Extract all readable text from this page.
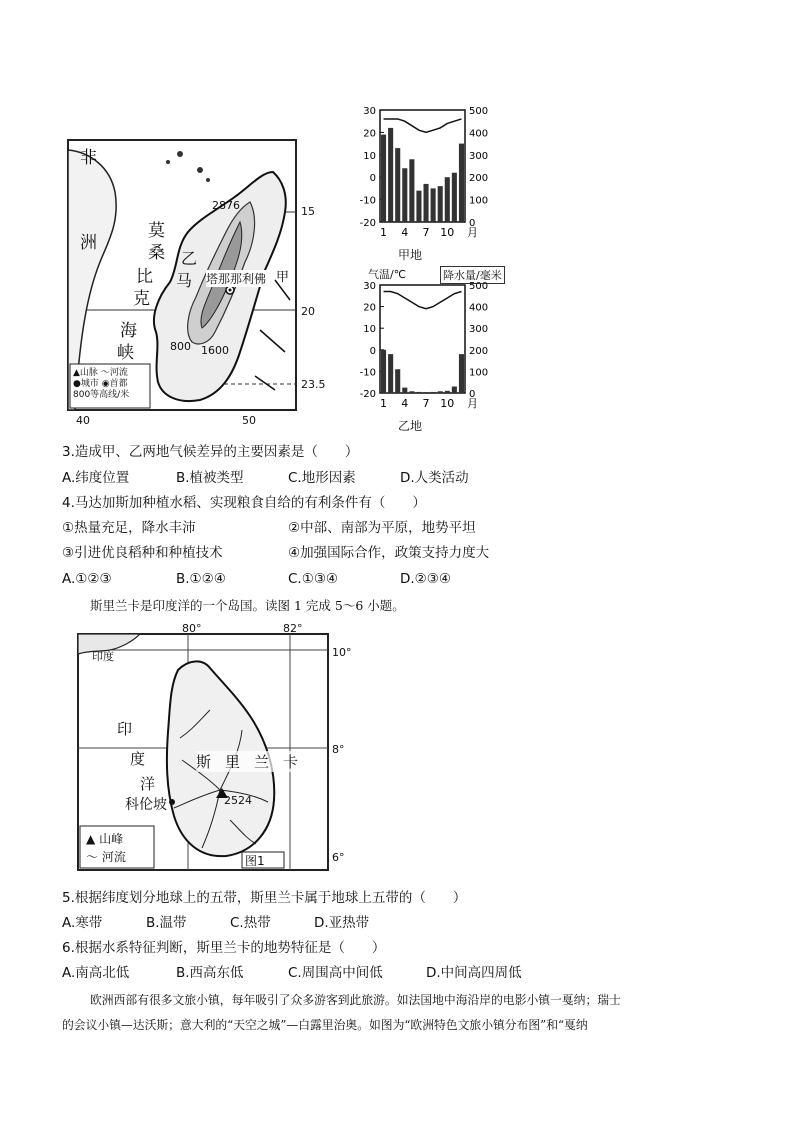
非
洲
莫
桑
比
克
海
峡
乙
马 塔那那利佛 甲
2876
800 1600
15
20
23.5
40	50
▲山脉 〜河流
●城市 ◉首都
800等高线/米
30
20
10
0
-10
-20
500
400
300
200
100
0
1 4 7 10 月
30
20
10
0
-10
-20
500
400
300
200
100
0
1 4 7 10 月
甲地
乙地
气温/℃	降水量/毫米
3.造成甲、乙两地气候差异的主要因素是（　　）
A.纬度位置	B.植被类型	C.地形因素	D.人类活动
4.马达加斯加种植水稻、实现粮食自给的有利条件有（　　）
①热量充足，降水丰沛	②中部、南部为平原，地势平坦
③引进优良稻种和种植技术	④加强国际合作，政策支持力度大
A.①②③	B.①②④	C.①③④	D.②③④
斯里兰卡是印度洋的一个岛国。读图 1 完成 5～6 小题。
80°	82°
10°
8°
6°
印度
印
度
洋
斯里兰卡
科伦坡	2524
图1
▲ 山峰
〜 河流
5.根据纬度划分地球上的五带，斯里兰卡属于地球上五带的（　　）
A.寒带	B.温带	C.热带	D.亚热带
6.根据水系特征判断，斯里兰卡的地势特征是（　　）
A.南高北低	B.西高东低	C.周围高中间低	D.中间高四周低
欧洲西部有很多文旅小镇，每年吸引了众多游客到此旅游。如法国地中海沿岸的电影小镇一戛纳；瑞士
的会议小镇—达沃斯；意大利的“天空之城”—白露里治奥。如图为“欧洲特色文旅小镇分布图”和“戛纳
